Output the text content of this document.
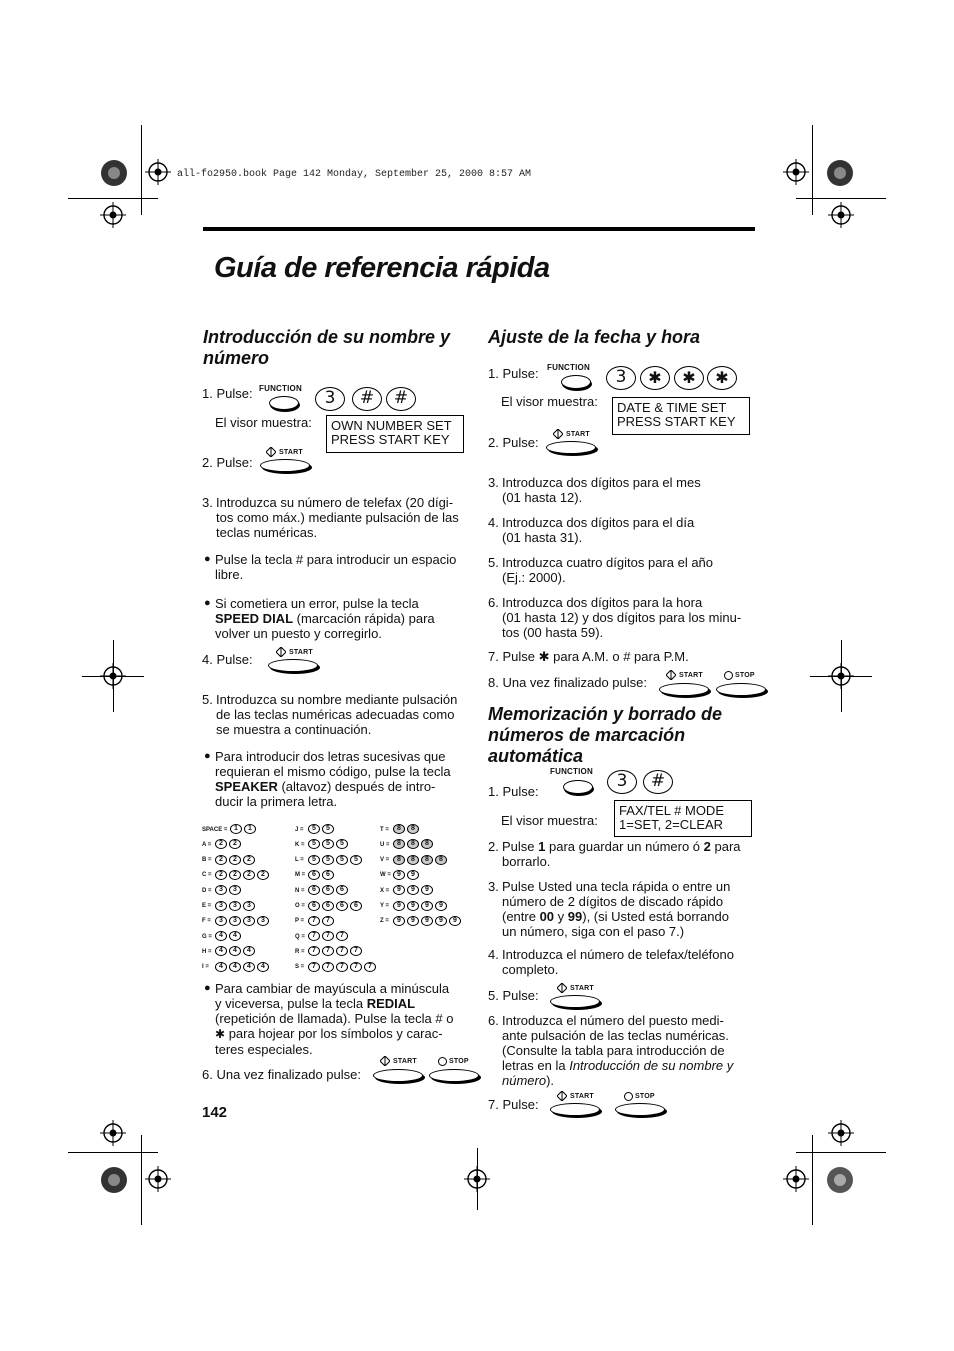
all-fo2950.book Page 142 Monday, September 25, 2000 8:57 AM
Guía de referencia rápida
Introducción de su nombre y
número
1. Pulse: FUNCTION	3	#	#
El visor muestra: OWN NUMBER SET
PRESS START KEY
2. Pulse:
START
3. Introduzca su número de telefax (20 dígi-
tos como máx.) mediante pulsación de las
teclas numéricas.
● Pulse la tecla # para introducir un espacio
libre.
● Si cometiera un error, pulse la tecla
SPEED DIAL (marcación rápida) para
volver un puesto y corregirlo.
4. Pulse:	START
5. Introduzca su nombre mediante pulsación
de las teclas numéricas adecuadas como
se muestra a continuación.
● Para introducir dos letras sucesivas que
requieran el mismo código, pulse la tecla
SPEAKER (altavoz) después de intro-
ducir la primera letra.
SPACE = 1 1
A = 2 2
B = 2 2 2
C = 2 2 2 2
D = 3 3
E = 3 3 3
F = 3 3 3 3
G = 4 4
H = 4 4 4
I = 4 4 4 4
J = 5 5
K = 5 5 5
L = 5 5 5 5
M = 6 6
N = 6 6 6
O = 6 6 6 6
P = 7 7
Q = 7 7 7
R = 7 7 7 7
S = 7 7 7 7 7
T = 8 8
U = 8 8 8
V = 8 8 8 8
W = 9 9
X = 9 9 9
Y = 9 9 9 9
Z = 9 9 9 9 9
● Para cambiar de mayúscula a minúscula
y viceversa, pulse la tecla REDIAL
(repetición de llamada). Pulse la tecla # o
✱ para hojear por los símbolos y carac-
teres especiales.
6. Una vez finalizado pulse:
START	STOP
142
Ajuste de la fecha y hora
1. Pulse: FUNCTION	3	✱	✱	✱
El visor muestra: DATE & TIME SET
PRESS START KEY
2. Pulse:
START
3. Introduzca dos dígitos para el mes
(01 hasta 12).
4. Introduzca dos dígitos para el día
(01 hasta 31).
5. Introduzca cuatro dígitos para el año
(Ej.: 2000).
6. Introduzca dos dígitos para la hora
(01 hasta 12) y dos dígitos para los minu-
tos (00 hasta 59).
7. Pulse ✱ para A.M. o # para P.M.
8. Una vez finalizado pulse:	START	STOP
Memorización y borrado de
números de marcación
automática
FUNCTION	3	#
1. Pulse:
El visor muestra:
FAX/TEL # MODE
1=SET, 2=CLEAR
2. Pulse 1 para guardar un número ó 2 para
borrarlo.
3. Pulse Usted una tecla rápida o entre un
número de 2 dígitos de discado rápido
(entre 00 y 99), (si Usted está borrando
un número, siga con el paso 7.)
4. Introduzca el número de telefax/teléfono
completo.
5. Pulse:	START
6. Introduzca el número del puesto medi-
ante pulsación de las teclas numéricas.
(Consulte la tabla para introducción de
letras en la Introducción de su nombre y
número).
7. Pulse:
START	STOP
